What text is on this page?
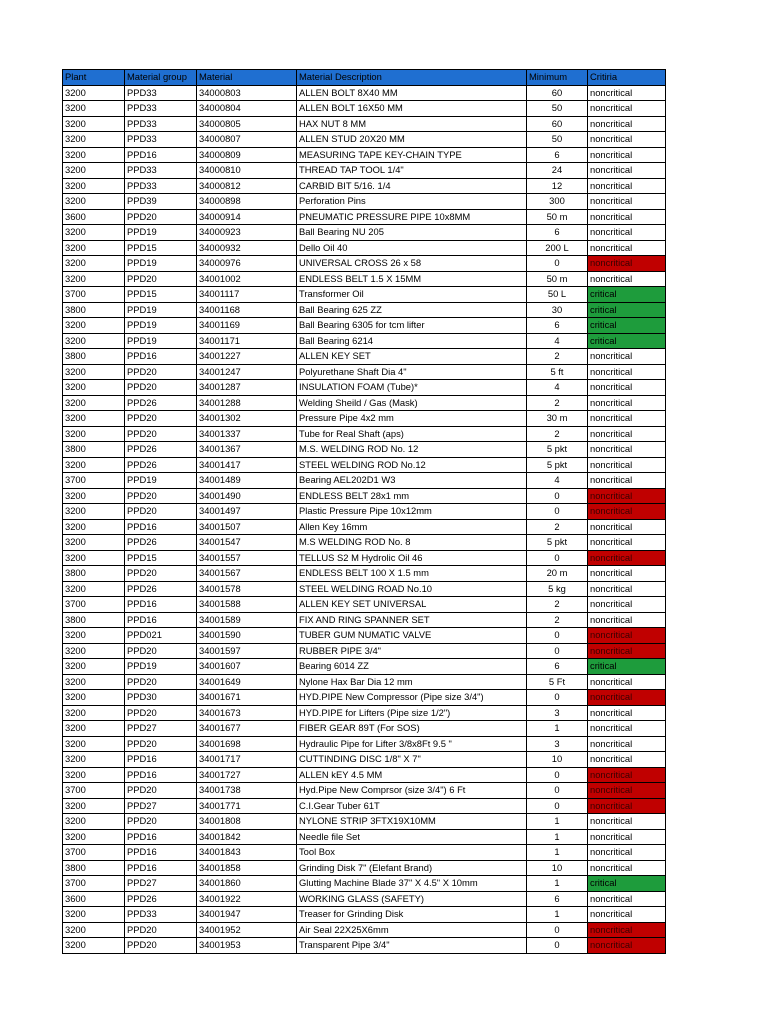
Plant	Material group	Material	Material Description	Minimum	Critiria
3200	PPD33	34000803	ALLEN BOLT 8X40 MM	60	noncritical
3200	PPD33	34000804	ALLEN BOLT 16X50 MM	50	noncritical
3200	PPD33	34000805	HAX NUT 8 MM	60	noncritical
3200	PPD33	34000807	ALLEN STUD 20X20 MM	50	noncritical
3200	PPD16	34000809	MEASURING TAPE KEY-CHAIN TYPE	6	noncritical
3200	PPD33	34000810	THREAD TAP TOOL 1/4"	24	noncritical
3200	PPD33	34000812	CARBID BIT 5/16. 1/4	12	noncritical
3200	PPD39	34000898	Perforation Pins	300	noncritical
3600	PPD20	34000914	PNEUMATIC PRESSURE PIPE 10x8MM	50 m	noncritical
3200	PPD19	34000923	Ball Bearing NU 205	6	noncritical
3200	PPD15	34000932	Dello Oil 40	200 L	noncritical
3200	PPD19	34000976	UNIVERSAL CROSS 26 x 58	0	noncritical
3200	PPD20	34001002	ENDLESS BELT 1.5 X 15MM	50 m	noncritical
3700	PPD15	34001117	Transformer Oil	50 L	critical
3800	PPD19	34001168	Ball Bearing 625 ZZ	30	critical
3200	PPD19	34001169	Ball Bearing 6305 for tcm lifter	6	critical
3200	PPD19	34001171	Ball Bearing 6214	4	critical
3800	PPD16	34001227	ALLEN KEY SET	2	noncritical
3200	PPD20	34001247	Polyurethane Shaft Dia 4"	5 ft	noncritical
3200	PPD20	34001287	INSULATION FOAM (Tube)*	4	noncritical
3200	PPD26	34001288	Welding Sheild / Gas (Mask)	2	noncritical
3200	PPD20	34001302	Pressure Pipe 4x2 mm	30 m	noncritical
3200	PPD20	34001337	Tube for Real Shaft (aps)	2	noncritical
3800	PPD26	34001367	M.S. WELDING ROD No. 12	5 pkt	noncritical
3200	PPD26	34001417	STEEL WELDING ROD No.12	5 pkt	noncritical
3700	PPD19	34001489	Bearing AEL202D1 W3	4	noncritical
3200	PPD20	34001490	ENDLESS BELT 28x1 mm	0	noncritical
3200	PPD20	34001497	Plastic Pressure Pipe 10x12mm	0	noncritical
3200	PPD16	34001507	Allen Key 16mm	2	noncritical
3200	PPD26	34001547	M.S WELDING ROD No. 8	5 pkt	noncritical
3200	PPD15	34001557	TELLUS S2 M Hydrolic Oil 46	0	noncritical
3800	PPD20	34001567	ENDLESS BELT 100 X 1.5 mm	20 m	noncritical
3200	PPD26	34001578	STEEL WELDING ROAD No.10	5 kg	noncritical
3700	PPD16	34001588	ALLEN KEY SET UNIVERSAL	2	noncritical
3800	PPD16	34001589	FIX AND RING SPANNER SET	2	noncritical
3200	PPD021	34001590	TUBER GUM NUMATIC VALVE	0	noncritical
3200	PPD20	34001597	RUBBER PIPE 3/4"	0	noncritical
3200	PPD19	34001607	Bearing 6014 ZZ	6	critical
3200	PPD20	34001649	Nylone Hax Bar Dia 12 mm	5 Ft	noncritical
3200	PPD30	34001671	HYD.PIPE New Compressor (Pipe size 3/4")	0	noncritical
3200	PPD20	34001673	HYD.PIPE for Lifters (Pipe size 1/2")	3	noncritical
3200	PPD27	34001677	FIBER GEAR 89T (For SOS)	1	noncritical
3200	PPD20	34001698	Hydraulic Pipe for Lifter 3/8x8Ft 9.5 "	3	noncritical
3200	PPD16	34001717	CUTTINDING DISC 1/8" X 7"	10	noncritical
3200	PPD16	34001727	ALLEN kEY 4.5 MM	0	noncritical
3700	PPD20	34001738	Hyd.Pipe New Comprsor (size 3/4") 6 Ft	0	noncritical
3200	PPD27	34001771	C.I.Gear Tuber 61T	0	noncritical
3200	PPD20	34001808	NYLONE STRIP 3FTX19X10MM	1	noncritical
3200	PPD16	34001842	Needle file Set	1	noncritical
3700	PPD16	34001843	Tool Box	1	noncritical
3800	PPD16	34001858	Grinding Disk 7" (Elefant Brand)	10	noncritical
3700	PPD27	34001860	Glutting Machine Blade 37" X 4.5" X 10mm	1	critical
3600	PPD26	34001922	WORKING GLASS (SAFETY)	6	noncritical
3200	PPD33	34001947	Treaser for Grinding Disk	1	noncritical
3200	PPD20	34001952	Air Seal 22X25X6mm	0	noncritical
3200	PPD20	34001953	Transparent Pipe 3/4"	0	noncritical
